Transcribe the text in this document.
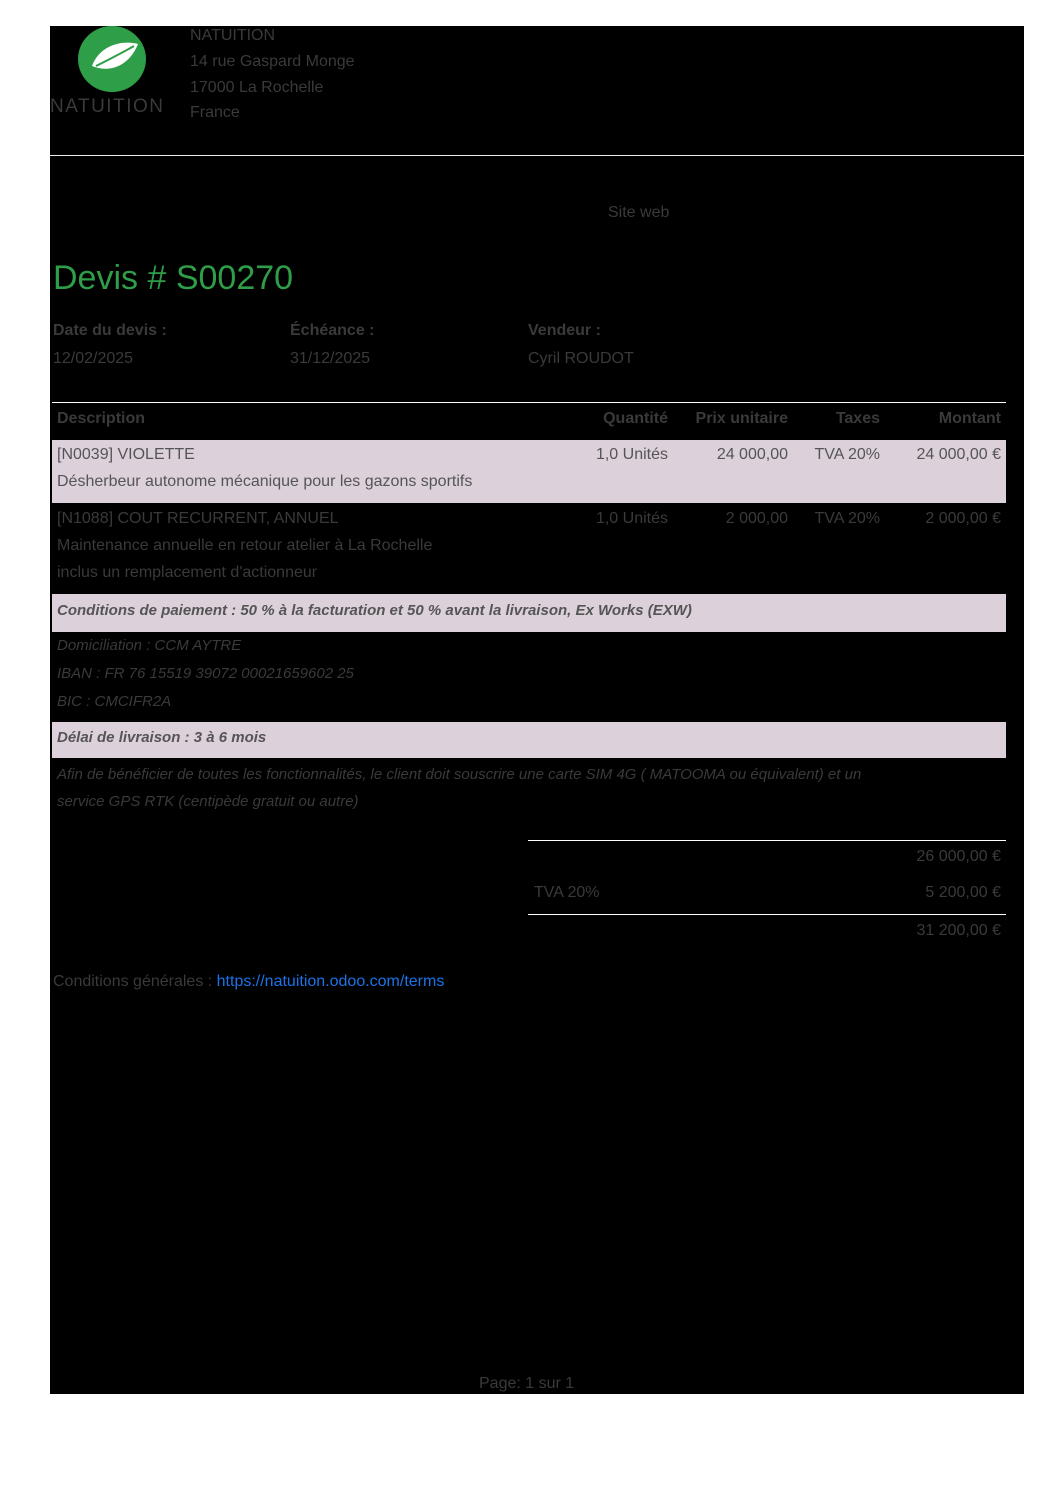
NATUITION
NATUITION
14 rue Gaspard Monge
17000 La Rochelle
France
Site web
Devis # S00270
Date du devis :
12/02/2025
Échéance :
31/12/2025
Vendeur :
Cyril ROUDOT
Description	Quantité	Prix unitaire	Taxes	Montant
[N0039] VIOLETTE
Désherbeur autonome mécanique pour les gazons sportifs
1,0 Unités	24 000,00	TVA 20%	24 000,00 €
[N1088] COUT RECURRENT, ANNUEL
Maintenance annuelle en retour atelier à La Rochelle
inclus un remplacement d'actionneur
1,0 Unités	2 000,00	TVA 20%	2 000,00 €
Conditions de paiement : 50 % à la facturation et 50 % avant la livraison, Ex Works (EXW)
Domiciliation : CCM AYTRE
IBAN : FR 76 15519 39072 00021659602 25
BIC : CMCIFR2A
Délai de livraison : 3 à 6 mois
Afin de bénéficier de toutes les fonctionnalités, le client doit souscrire une carte SIM 4G ( MATOOMA ou équivalent) et un
service GPS RTK (centipède gratuit ou autre)
26 000,00 €
TVA 20%	5 200,00 €
31 200,00 €
Conditions générales : https://natuition.odoo.com/terms
Page: 1 sur 1
